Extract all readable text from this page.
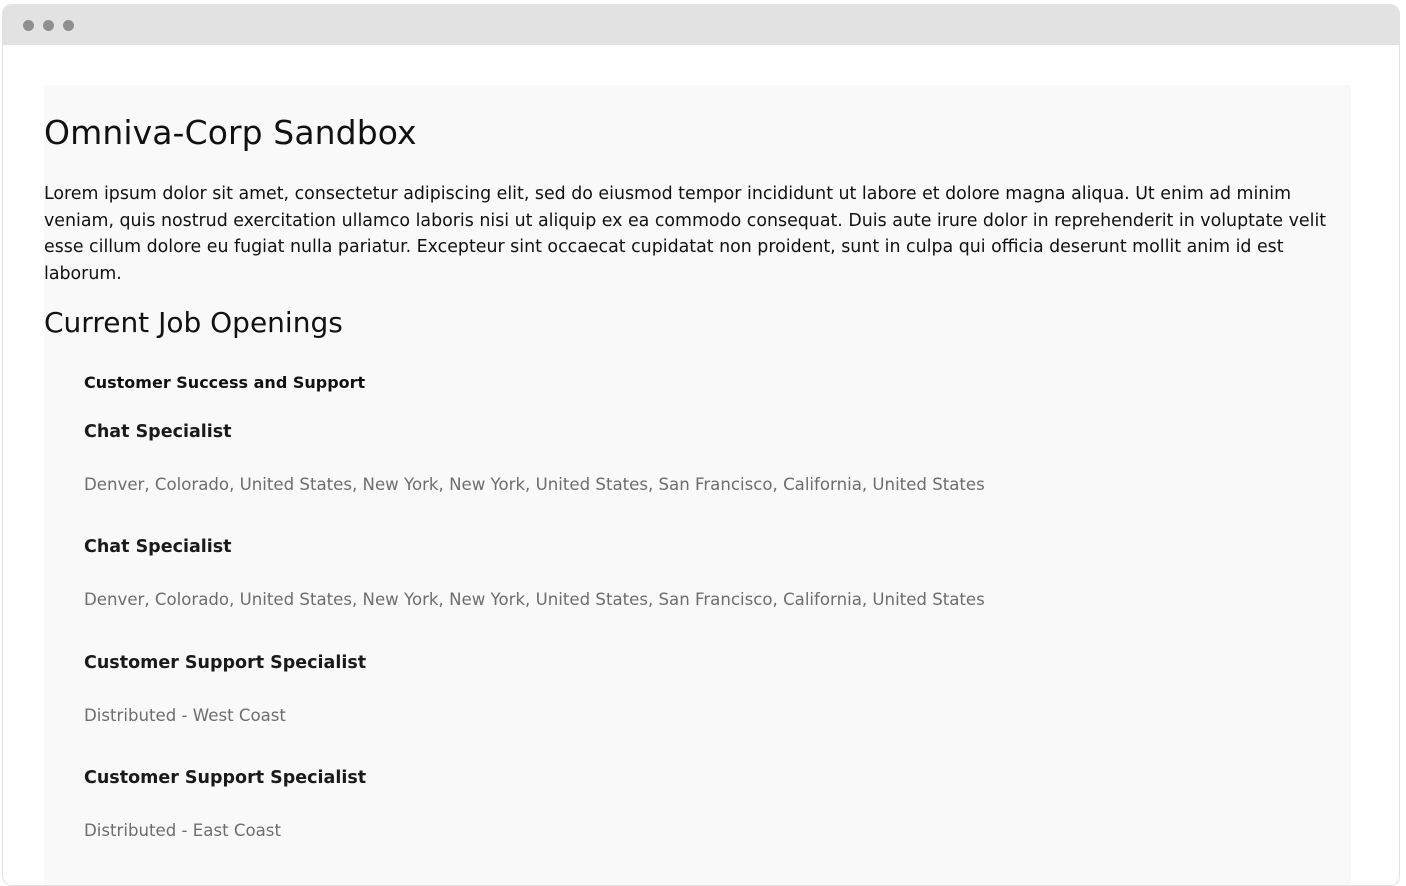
Omniva-Corp Sandbox

Lorem ipsum dolor sit amet, consectetur adipiscing elit, sed do eiusmod tempor incididunt ut labore et dolore magna aliqua. Ut enim ad minim veniam, quis nostrud exercitation ullamco laboris nisi ut aliquip ex ea commodo consequat. Duis aute irure dolor in reprehenderit in voluptate velit esse cillum dolore eu fugiat nulla pariatur. Excepteur sint occaecat cupidatat non proident, sunt in culpa qui officia deserunt mollit anim id est laborum.

Current Job Openings
Customer Success and Support

Chat Specialist

Denver, Colorado, United States, New York, New York, United States, San Francisco, California, United States

Chat Specialist

Denver, Colorado, United States, New York, New York, United States, San Francisco, California, United States

Customer Support Specialist

Distributed - West Coast

Customer Support Specialist

Distributed - East Coast
